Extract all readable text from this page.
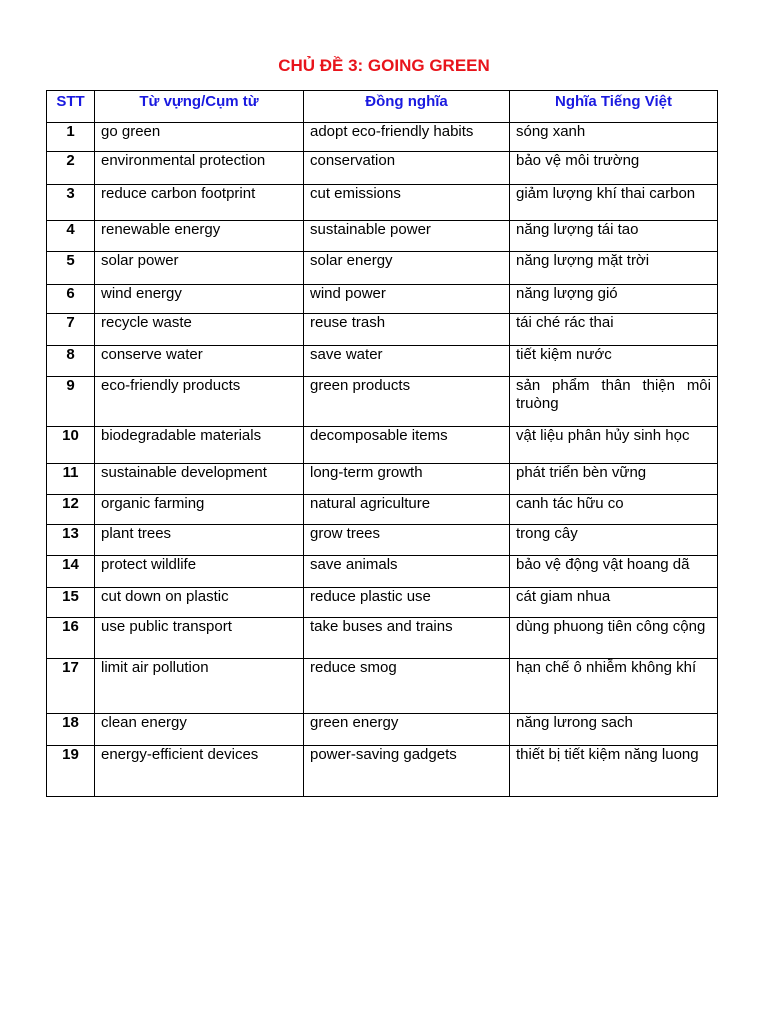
CHỦ ĐỀ 3: GOING GREEN
STT	Từ vựng/Cụm từ	Đồng nghĩa	Nghĩa Tiếng Việt
1	go green	adopt eco-friendly habits	sóng xanh
2	environmental protection	conservation	bảo vệ môi trường
3	reduce carbon footprint	cut emissions	giảm lượng khí thai carbon
4	renewable energy	sustainable power	năng lượng tái tao
5	solar power	solar energy	năng lượng mặt trời
6	wind energy	wind power	năng lượng gió
7	recycle waste	reuse trash	tái ché rác thai
8	conserve water	save water	tiết kiệm nước
9	eco-friendly products	green products	sản phẩm thân thiện môi truòng
10	biodegradable materials	decomposable items	vật liệu phân hủy sinh học
11	sustainable development	long-term growth	phát triển bèn vững
12	organic farming	natural agriculture	canh tác hữu co
13	plant trees	grow trees	trong cây
14	protect wildlife	save animals	bảo vệ động vật hoang dã
15	cut down on plastic	reduce plastic use	cát giam nhua
16	use public transport	take buses and trains	dùng phuong tiên công cộng
17	limit air pollution	reduce smog	hạn chế ô nhiễm không khí
18	clean energy	green energy	năng lưrong sach
19	energy-efficient devices	power-saving gadgets	thiết bị tiết kiệm năng luong
